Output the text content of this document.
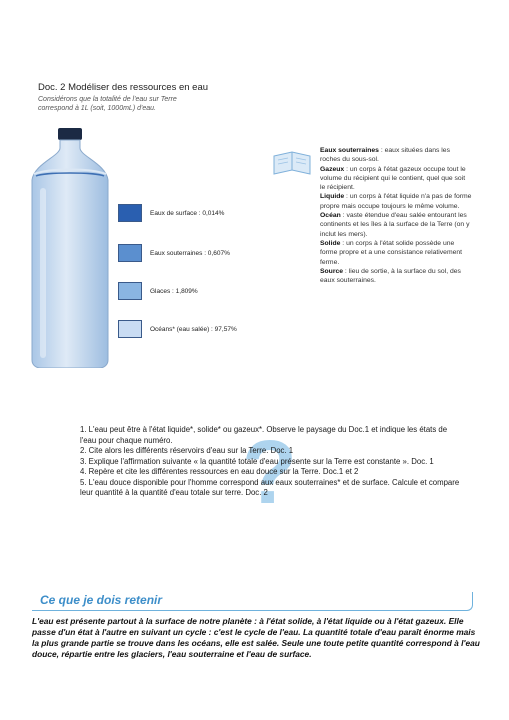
Doc. 2 Modéliser des ressources en eau
Considérons que la totalité de l'eau sur Terre correspond à 1L (soit, 1000mL) d'eau.
Eaux de surface : 0,014%
Eaux souterraines : 0,607%
Glaces : 1,809%
Océans* (eau salée) : 97,57%

Eaux souterraines : eaux situées dans les roches du sous-sol.

Gazeux : un corps à l'état gazeux occupe tout le volume du récipient qui le contient, quel que soit le récipient.

Liquide : un corps à l'état liquide n'a pas de forme propre mais occupe toujours le même volume.

Océan : vaste étendue d'eau salée entourant les continents et les îles à la surface de la Terre (on y inclut les mers).

Solide : un corps à l'état solide possède une forme propre et a une consistance relativement ferme.

Source : lieu de sortie, à la surface du sol, des eaux souterraines.

?

1. L'eau peut être à l'état liquide*, solide* ou gazeux*. Observe le paysage du Doc.1 et indique les états de l'eau pour chaque numéro.

2. Cite alors les différents réservoirs d'eau sur la Terre. Doc. 1

3. Explique l'affirmation suivante « la quantité totale d'eau présente sur la Terre est constante ». Doc. 1

4. Repère et cite les différentes ressources en eau douce sur la Terre. Doc.1 et 2

5. L'eau douce disponible pour l'homme correspond aux eaux souterraines* et de surface. Calcule et compare leur quantité à la quantité d'eau totale sur terre. Doc. 2

Ce que je dois retenir
L'eau est présente partout à la surface de notre planète : à l'état solide, à l'état liquide ou à l'état gazeux. Elle passe d'un état à l'autre en suivant un cycle : c'est le cycle de l'eau. La quantité totale d'eau paraît énorme mais la plus grande partie se trouve dans les océans, elle est salée. Seule une toute petite quantité correspond à l'eau douce, répartie entre les glaciers, l'eau souterraine et l'eau de surface.
